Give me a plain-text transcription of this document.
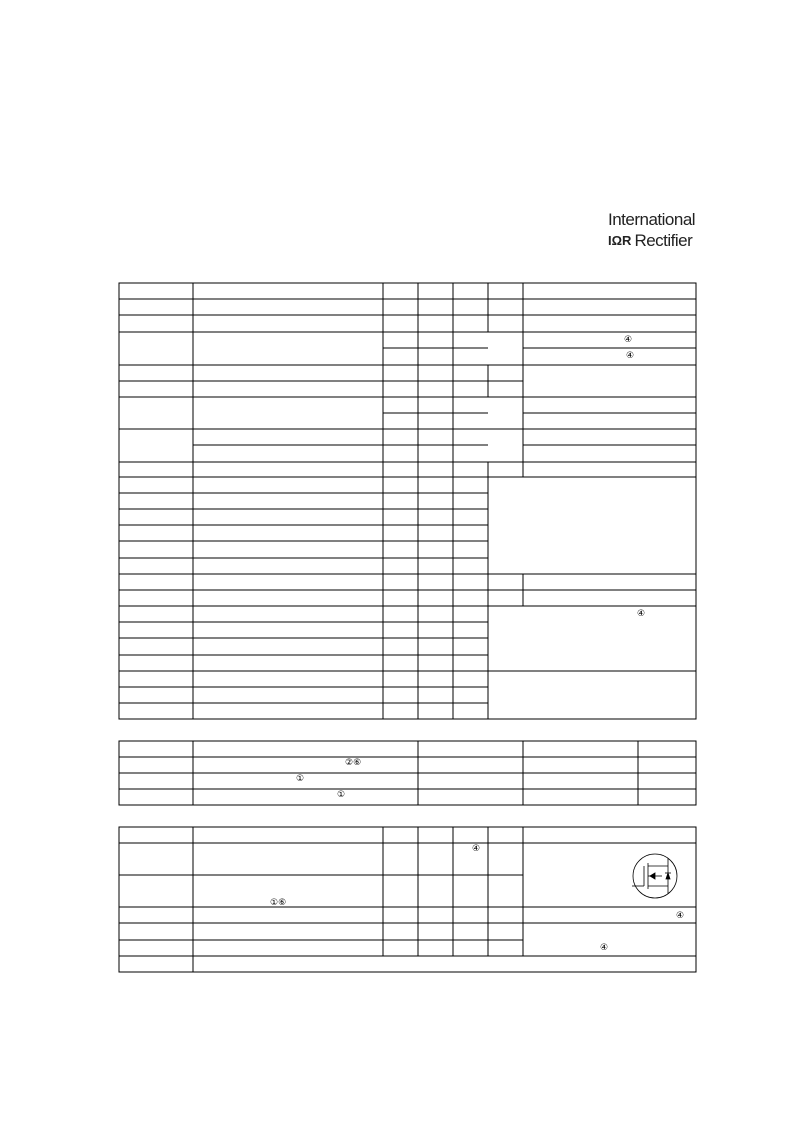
International
IΩR Rectifier
④
④
④
②⑥
①
①
④
①⑥
④
④
